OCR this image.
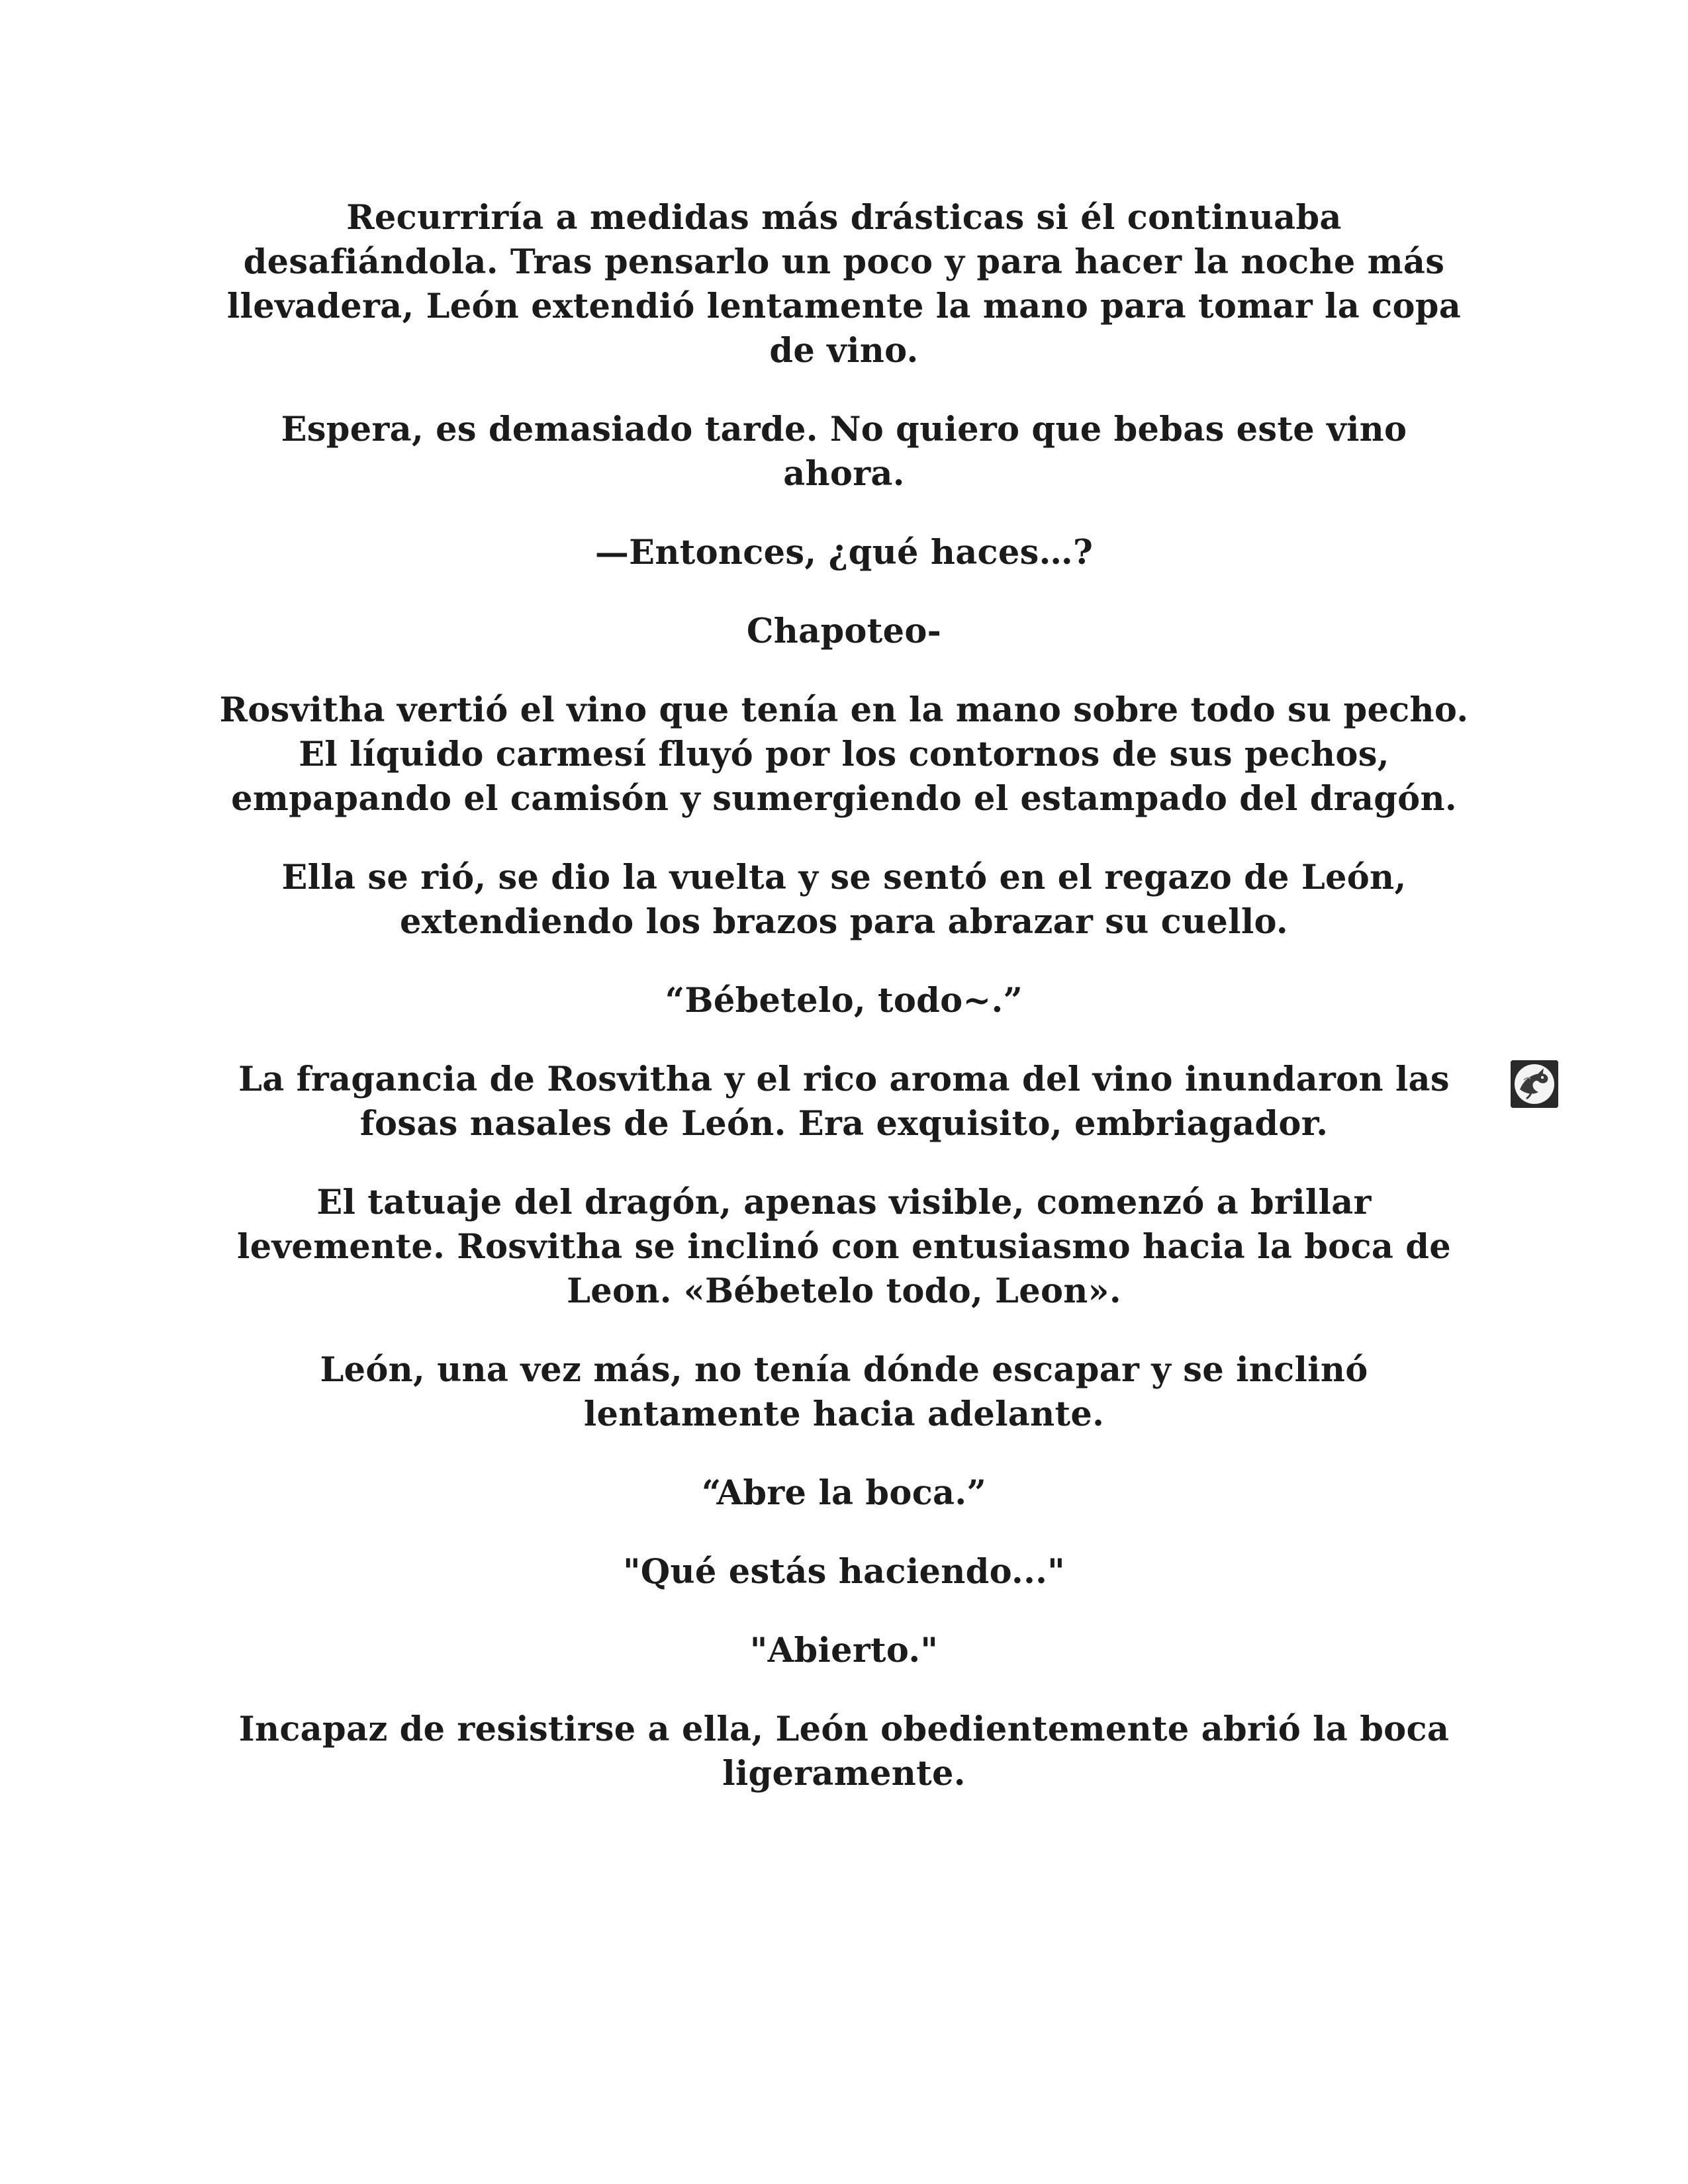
Recurriría a medidas más drásticas si él continuaba desafiándola. Tras pensarlo un poco y para hacer la noche más llevadera, León extendió lentamente la mano para tomar la copa de vino.

Espera, es demasiado tarde. No quiero que bebas este vino ahora.

—Entonces, ¿qué haces…?

Chapoteo-

Rosvitha vertió el vino que tenía en la mano sobre todo su pecho. El líquido carmesí fluyó por los contornos de sus pechos, empapando el camisón y sumergiendo el estampado del dragón.

Ella se rió, se dio la vuelta y se sentó en el regazo de León, extendiendo los brazos para abrazar su cuello.

“Bébetelo, todo~.”

La fragancia de Rosvitha y el rico aroma del vino inundaron las fosas nasales de León. Era exquisito, embriagador.

El tatuaje del dragón, apenas visible, comenzó a brillar levemente. Rosvitha se inclinó con entusiasmo hacia la boca de Leon. «Bébetelo todo, Leon».

León, una vez más, no tenía dónde escapar y se inclinó lentamente hacia adelante.

“Abre la boca.”

"Qué estás haciendo..."

"Abierto."

Incapaz de resistirse a ella, León obedientemente abrió la boca ligeramente.
